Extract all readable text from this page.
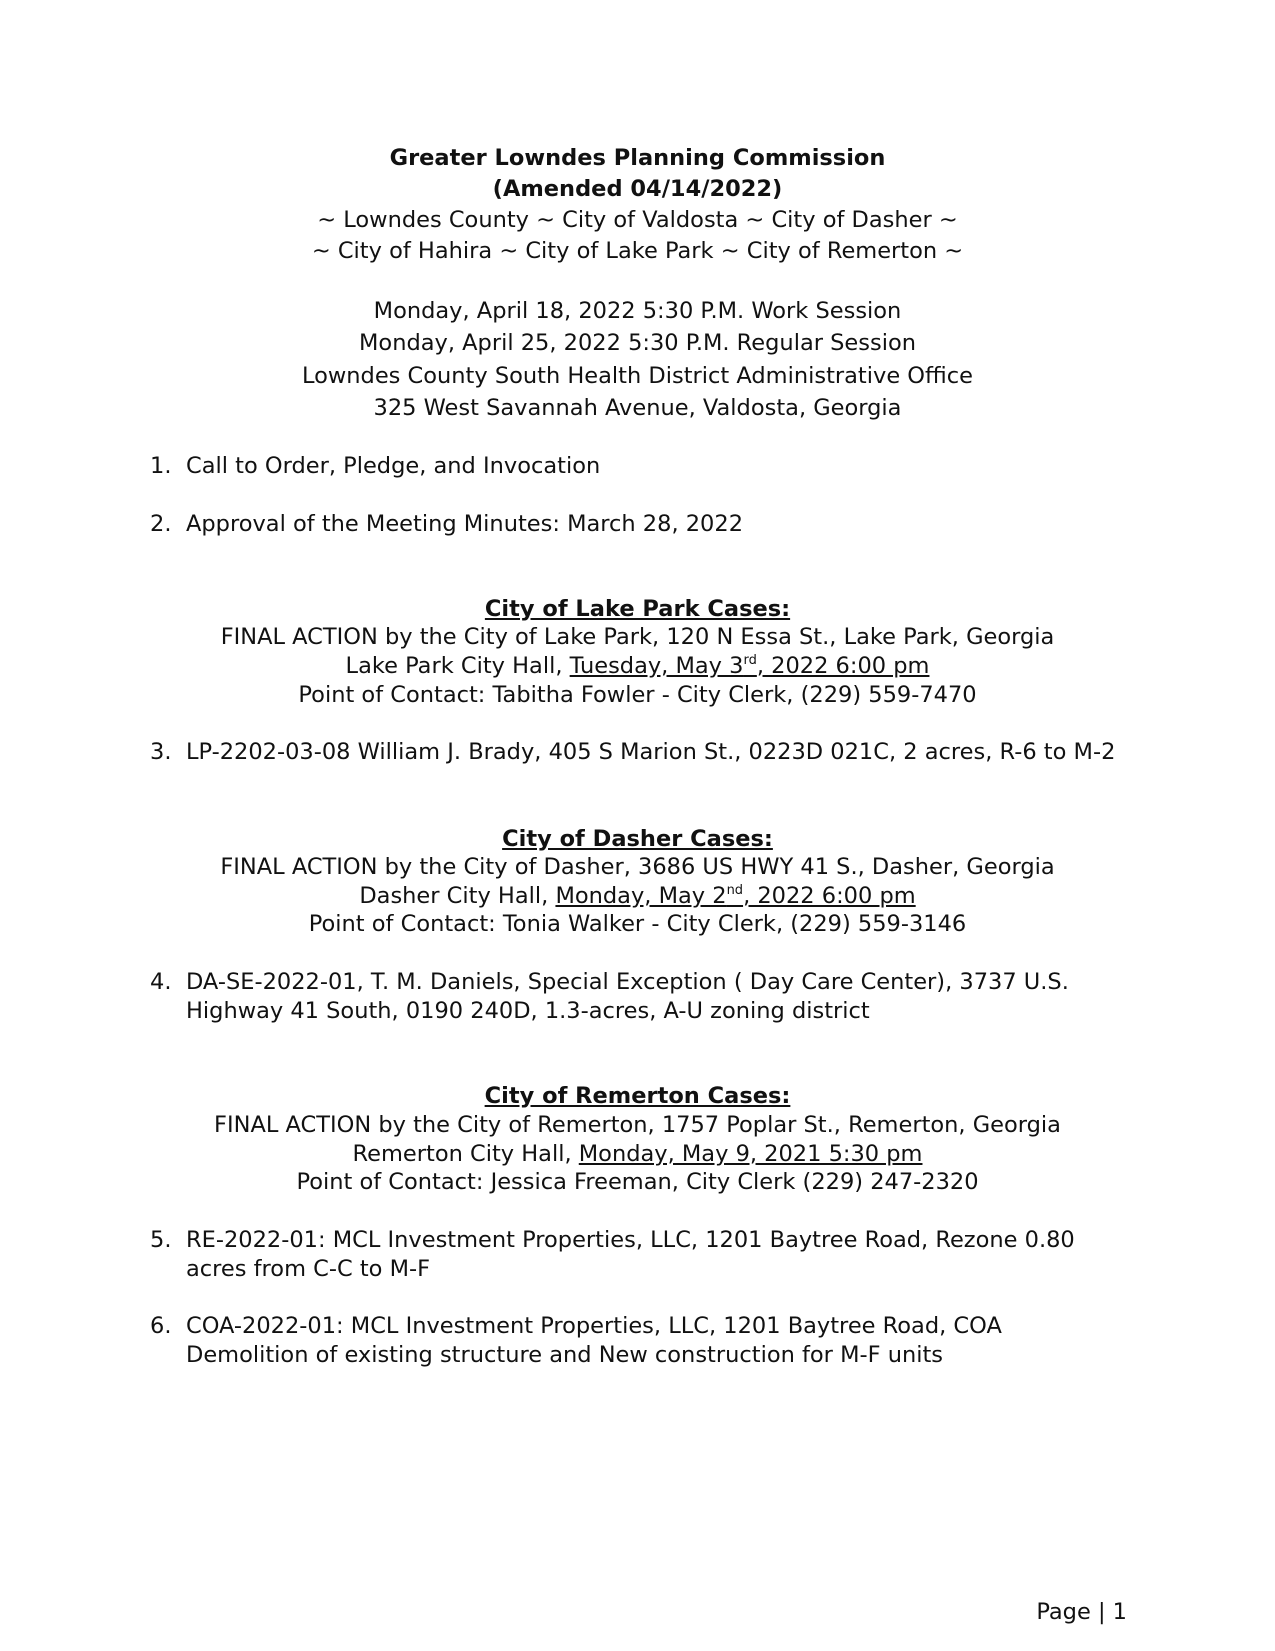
Greater Lowndes Planning Commission
(Amended 04/14/2022)
~ Lowndes County ~ City of Valdosta ~ City of Dasher ~
~ City of Hahira ~ City of Lake Park ~ City of Remerton ~
Monday, April 18, 2022 5:30 P.M. Work Session
Monday, April 25, 2022 5:30 P.M. Regular Session
Lowndes County South Health District Administrative Office
325 West Savannah Avenue, Valdosta, Georgia
1. Call to Order, Pledge, and Invocation
2. Approval of the Meeting Minutes: March 28, 2022
City of Lake Park Cases:
FINAL ACTION by the City of Lake Park, 120 N Essa St., Lake Park, Georgia
Lake Park City Hall, Tuesday, May 3rd, 2022 6:00 pm
Point of Contact: Tabitha Fowler - City Clerk, (229) 559-7470
3. LP-2202-03-08 William J. Brady, 405 S Marion St., 0223D 021C, 2 acres, R-6 to M-2
City of Dasher Cases:
FINAL ACTION by the City of Dasher, 3686 US HWY 41 S., Dasher, Georgia
Dasher City Hall, Monday, May 2nd, 2022 6:00 pm
Point of Contact: Tonia Walker - City Clerk, (229) 559-3146
4. DA-SE-2022-01, T. M. Daniels, Special Exception ( Day Care Center), 3737 U.S.
Highway 41 South, 0190 240D, 1.3-acres, A-U zoning district
City of Remerton Cases:
FINAL ACTION by the City of Remerton, 1757 Poplar St., Remerton, Georgia
Remerton City Hall, Monday, May 9, 2021 5:30 pm
Point of Contact: Jessica Freeman, City Clerk (229) 247-2320
5. RE-2022-01: MCL Investment Properties, LLC, 1201 Baytree Road, Rezone 0.80
acres from C-C to M-F
6. COA-2022-01: MCL Investment Properties, LLC, 1201 Baytree Road, COA
Demolition of existing structure and New construction for M-F units
Page | 1
